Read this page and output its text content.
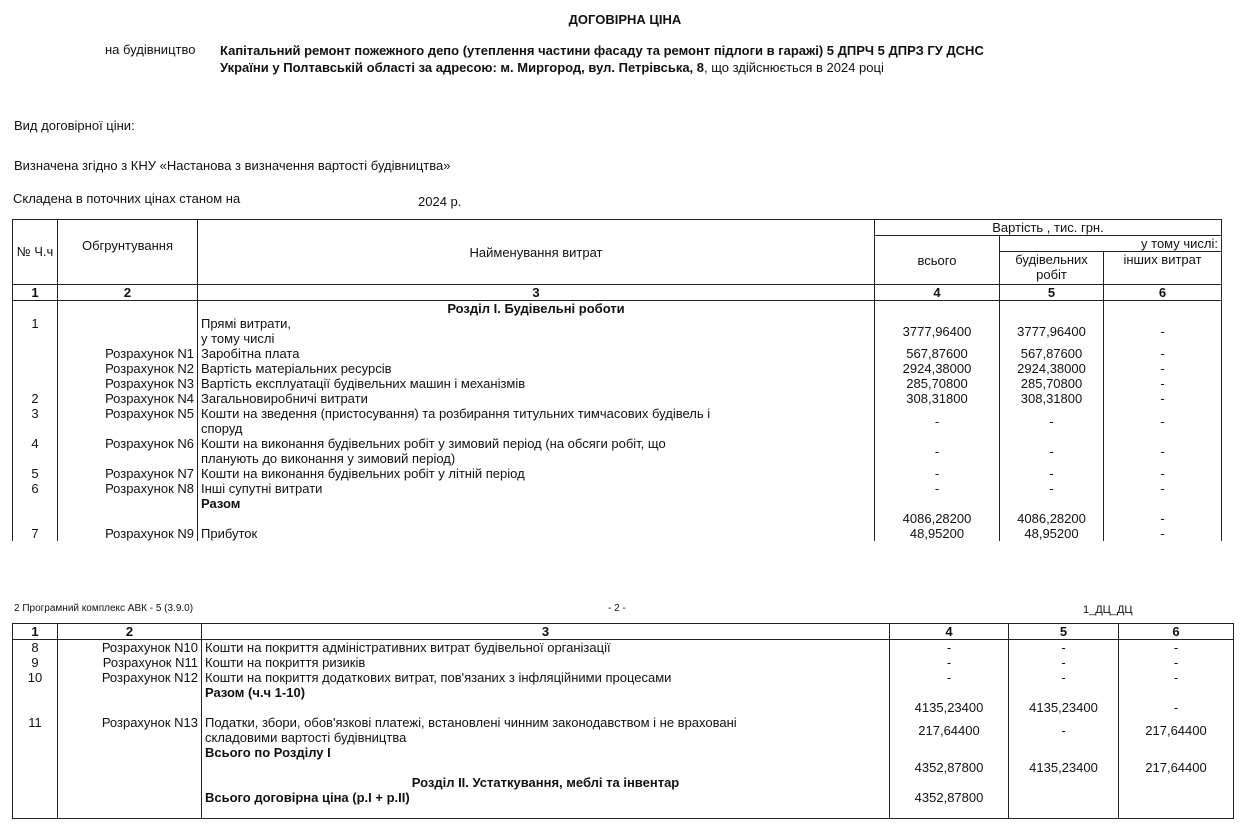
ДОГОВІРНА ЦІНА
на будівництво Капітальний ремонт пожежного депо (утеплення частини фасаду та ремонт підлоги в гаражі) 5 ДПРЧ 5 ДПРЗ ГУ ДСНС
України у Полтавській області за адресою: м. Миргород, вул. Петрівська, 8, що здійснюється в 2024 році
Вид договірної ціни:
Визначена згідно з КНУ «Настанова з визначення вартості будівництва»
Складена в поточних цінах станом на	2024 р.
№ Ч.ч	Обгрунтування	Найменування витрат	Вартість , тис. грн.		
			всього	у тому числі:	
				будівельних робіт	інших витрат
1	2	3	4	5	6
		Розділ І. Будівельні роботи			
1		Прямі витрати,
у тому числі	3777,96400	3777,96400	-
	Розрахунок N1	Заробітна плата	567,87600	567,87600	-
	Розрахунок N2	Вартість матеріальних ресурсів	2924,38000	2924,38000	-
	Розрахунок N3	Вартість експлуатації будівельних машин і механізмів	285,70800	285,70800	-
2	Розрахунок N4	Загальновиробничі витрати	308,31800	308,31800	-
3	Розрахунок N5	Кошти на зведення (пристосування) та розбирання титульних тимчасових будівель і
споруд	-	-	-
4	Розрахунок N6	Кошти на виконання будівельних робіт у зимовий період (на обсяги робіт, що
планують до виконання у зимовий період)	-	-	-
5	Розрахунок N7	Кошти на виконання будівельних робіт у літній період	-	-	-
6	Розрахунок N8	Інші супутні витрати	-	-	-
		Разом	4086,28200	4086,28200	-
7	Розрахунок N9	Прибуток	48,95200	48,95200	-
2 Програмний комплекс АВК - 5 (3.9.0)	- 2 -	1_ДЦ_ДЦ
1	2	3	4	5	6
8	Розрахунок N10	Кошти на покриття адміністративних витрат будівельної організації	-	-	-
9	Розрахунок N11	Кошти на покриття ризиків	-	-	-
10	Розрахунок N12	Кошти на покриття додаткових витрат, пов'язаних з інфляційними процесами	-	-	-
		Разом (ч.ч 1-10)	4135,23400	4135,23400	-
11	Розрахунок N13	Податки, збори, обов'язкові платежі, встановлені чинним законодавством і не враховані
складовими вартості будівництва	217,64400	-	217,64400
		Всього по Розділу І	4352,87800	4135,23400	217,64400
		Розділ ІІ. Устаткування, меблі та інвентар			
		Всього договірна ціна (р.І + р.ІІ)	4352,87800		
